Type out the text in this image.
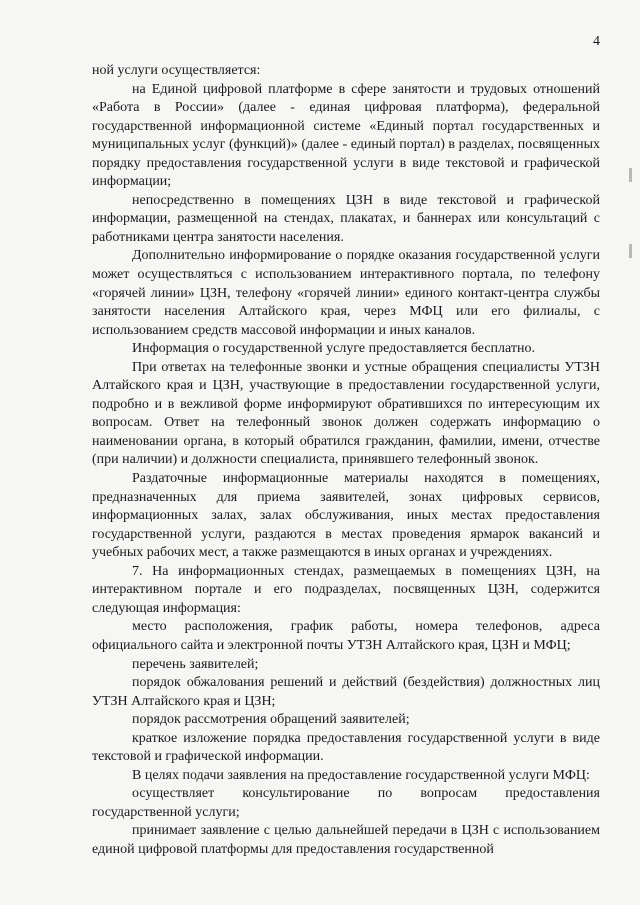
4

ной услуги осуществляется:

на Единой цифровой платформе в сфере занятости и трудовых отношений «Работа в России» (далее - единая цифровая платформа), федеральной государственной информационной системе «Единый портал государственных и муниципальных услуг (функций)» (далее - единый портал) в разделах, посвященных порядку предоставления государственной услуги в виде текстовой и графической информации;

непосредственно в помещениях ЦЗН в виде текстовой и графической информации, размещенной на стендах, плакатах, и баннерах или консультаций с работниками центра занятости населения.

Дополнительно информирование о порядке оказания государственной услуги может осуществляться с использованием интерактивного портала, по телефону «горячей линии» ЦЗН, телефону «горячей линии» единого контакт-центра службы занятости населения Алтайского края, через МФЦ или его филиалы, с использованием средств массовой информации и иных каналов.

Информация о государственной услуге предоставляется бесплатно.

При ответах на телефонные звонки и устные обращения специалисты УТЗН Алтайского края и ЦЗН, участвующие в предоставлении государственной услуги, подробно и в вежливой форме информируют обратившихся по интересующим их вопросам. Ответ на телефонный звонок должен содержать информацию о наименовании органа, в который обратился гражданин, фамилии, имени, отчестве (при наличии) и должности специалиста, принявшего телефонный звонок.

Раздаточные информационные материалы находятся в помещениях, предназначенных для приема заявителей, зонах цифровых сервисов, информационных залах, залах обслуживания, иных местах предоставления государственной услуги, раздаются в местах проведения ярмарок вакансий и учебных рабочих мест, а также размещаются в иных органах и учреждениях.

7. На информационных стендах, размещаемых в помещениях ЦЗН, на интерактивном портале и его подразделах, посвященных ЦЗН, содержится следующая информация:

место расположения, график работы, номера телефонов, адреса официального сайта и электронной почты УТЗН Алтайского края, ЦЗН и МФЦ;

перечень заявителей;

порядок обжалования решений и действий (бездействия) должностных лиц УТЗН Алтайского края и ЦЗН;

порядок рассмотрения обращений заявителей;

краткое изложение порядка предоставления государственной услуги в виде текстовой и графической информации.

В целях подачи заявления на предоставление государственной услуги МФЦ:

осуществляет консультирование по вопросам предоставления государственной услуги;

принимает заявление с целью дальнейшей передачи в ЦЗН с использованием единой цифровой платформы для предоставления государственной
